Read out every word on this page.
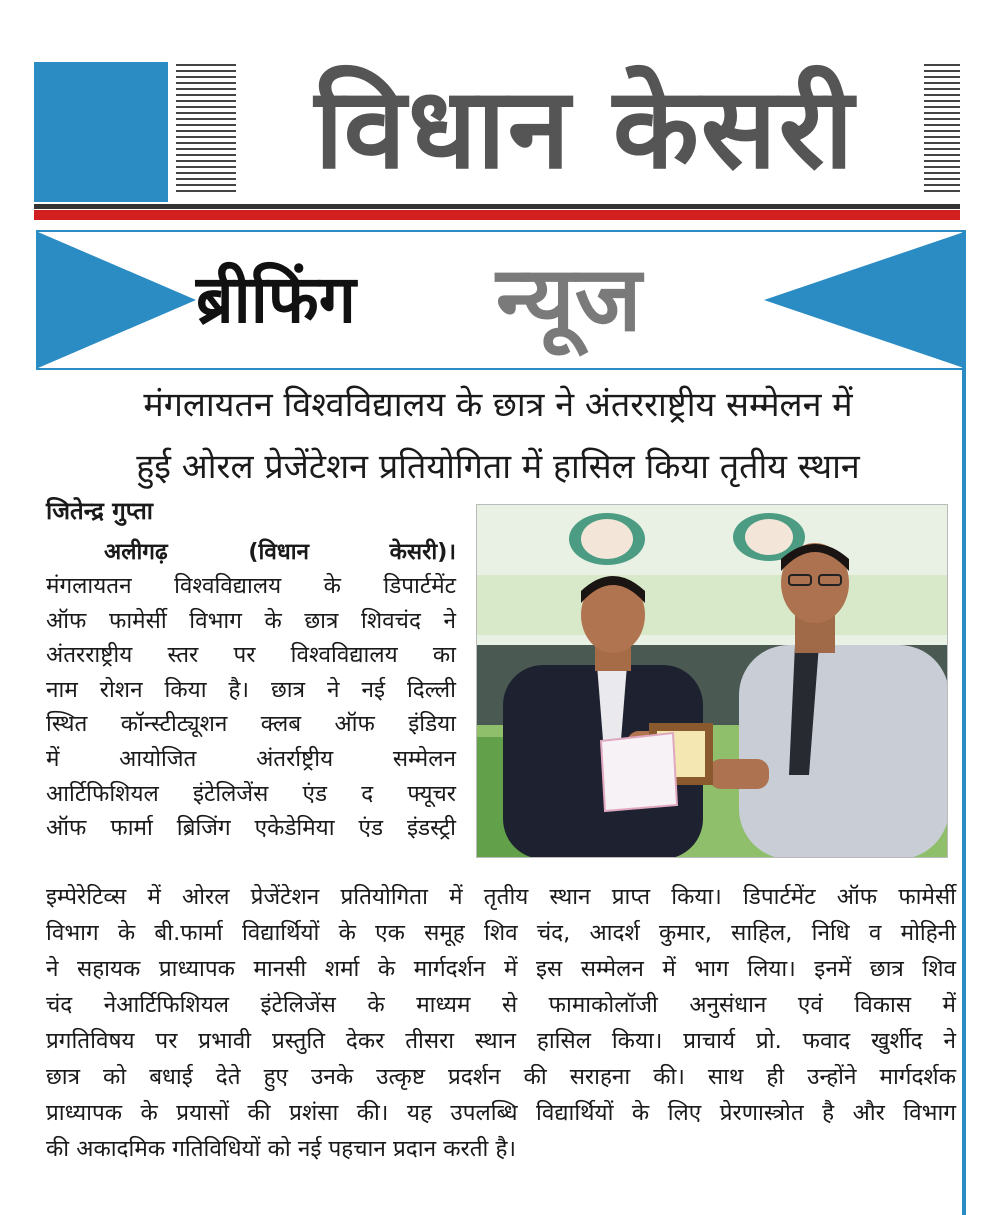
विधान केसरी
ब्रीफिंग न्यूज
मंगलायतन विश्वविद्यालय के छात्र ने अंतरराष्ट्रीय सम्मेलन में
हुई ओरल प्रेजेंटेशन प्रतियोगिता में हासिल किया तृतीय स्थान
जितेन्द्र गुप्ता
अलीगढ़ (विधान केसरी)।
मंगलायतन विश्वविद्यालय के डिपार्टमेंट
ऑफ फामेर्सी विभाग के छात्र शिवचंद ने
अंतरराष्ट्रीय स्तर पर विश्वविद्यालय का
नाम रोशन किया है। छात्र ने नई दिल्ली
स्थित कॉन्स्टीट्यूशन क्लब ऑफ इंडिया
में आयोजित अंतर्राष्ट्रीय सम्मेलन
आर्टिफिशियल इंटेलिजेंस एंड द फ्यूचर
ऑफ फार्मा ब्रिजिंग एकेडेमिया एंड इंडस्ट्री
इम्पेरेटिव्स में ओरल प्रेजेंटेशन प्रतियोगिता में तृतीय स्थान प्राप्त किया। डिपार्टमेंट ऑफ फामेर्सी
विभाग के बी.फार्मा विद्यार्थियों के एक समूह शिव चंद, आदर्श कुमार, साहिल, निधि व मोहिनी
ने सहायक प्राध्यापक मानसी शर्मा के मार्गदर्शन में इस सम्मेलन में भाग लिया। इनमें छात्र शिव
चंद नेआर्टिफिशियल इंटेलिजेंस के माध्यम से फामाकोलॉजी अनुसंधान एवं विकास में
प्रगतिविषय पर प्रभावी प्रस्तुति देकर तीसरा स्थान हासिल किया। प्राचार्य प्रो. फवाद खुर्शीद ने
छात्र को बधाई देते हुए उनके उत्कृष्ट प्रदर्शन की सराहना की। साथ ही उन्होंने मार्गदर्शक
प्राध्यापक के प्रयासों की प्रशंसा की। यह उपलब्धि विद्यार्थियों के लिए प्रेरणास्त्रोत है और विभाग
की अकादमिक गतिविधियों को नई पहचान प्रदान करती है।
